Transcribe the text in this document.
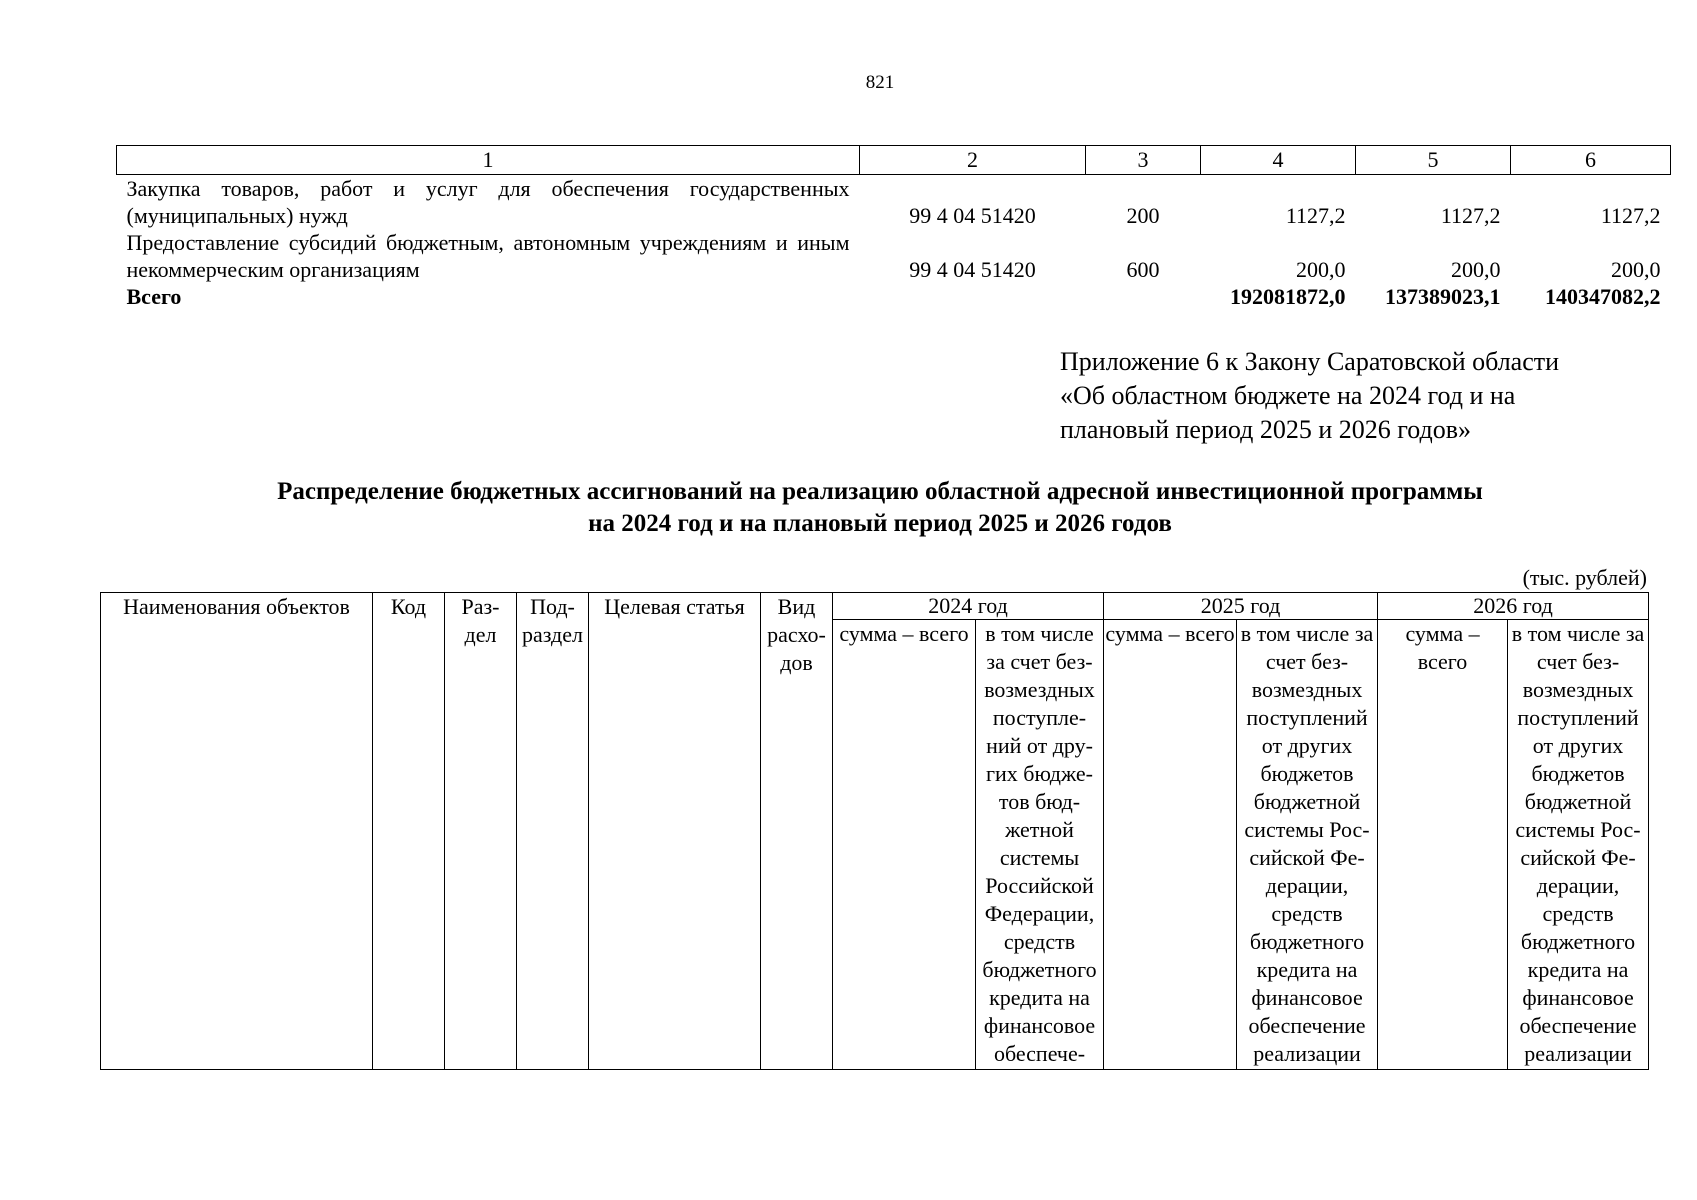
821
1	2	3	4	5	6
Закупка товаров, работ и услуг для обеспечения государственных (муниципальных) нужд	99 4 04 51420	200	1127,2	1127,2	1127,2
Предоставление субсидий бюджетным, автономным учреждениям и иным некоммерческим организациям	99 4 04 51420	600	200,0	200,0	200,0
Всего			192081872,0	137389023,1	140347082,2
Приложение 6 к Закону Саратовской области «Об областном бюджете на 2024 год и на плановый период 2025 и 2026 годов»
Распределение бюджетных ассигнований на реализацию областной адресной инвестиционной программы
на 2024 год и на плановый период 2025 и 2026 годов
(тыс. рублей)
Наименования объектов	Код	Раз-дел	Под-раздел	Целевая статья	Вид расхо-дов	2024 год		2025 год		2026 год	
						сумма – всего	в том числе за счет без-возмездных поступле-ний от дру-гих бюдже-тов бюд-жетной системы Российской Федерации, средств бюджетного кредита на финансовое обеспече-	сумма – всего	в том числе за счет без-возмездных поступлений от других бюджетов бюджетной системы Рос-сийской Фе-дерации, средств бюджетного кредита на финансовое обеспечение реализации	сумма – всего	в том числе за счет без-возмездных поступлений от других бюджетов бюджетной системы Рос-сийской Фе-дерации, средств бюджетного кредита на финансовое обеспечение реализации
